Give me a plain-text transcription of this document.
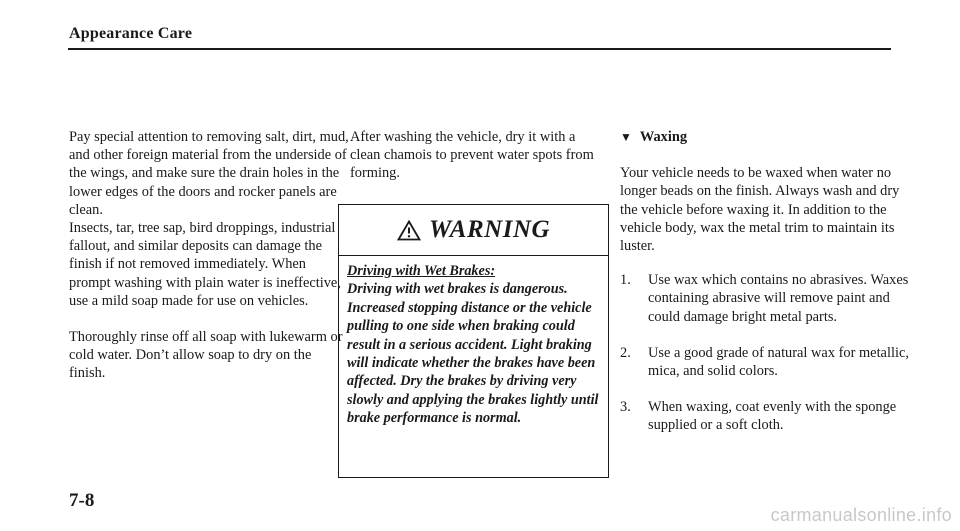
Appearance Care

Pay special attention to removing salt, dirt, mud, and other foreign material from the underside of the wings, and make sure the drain holes in the lower edges of the doors and rocker panels are clean.

Insects, tar, tree sap, bird droppings, industrial fallout, and similar deposits can damage the finish if not removed immediately. When prompt washing with plain water is ineffective, use a mild soap made for use on vehicles.

Thoroughly rinse off all soap with lukewarm or cold water. Don’t allow soap to dry on the finish.

After washing the vehicle, dry it with a clean chamois to prevent water spots from forming.

WARNING
Driving with Wet Brakes:
Driving with wet brakes is dangerous. Increased stopping distance or the vehicle pulling to one side when braking could result in a serious accident. Light braking will indicate whether the brakes have been affected. Dry the brakes by driving very slowly and applying the brakes lightly until brake performance is normal.
▼ Waxing

Your vehicle needs to be waxed when water no longer beads on the finish. Always wash and dry the vehicle before waxing it. In addition to the vehicle body, wax the metal trim to maintain its luster.

1.	Use wax which contains no abrasives. Waxes containing abrasive will remove paint and could damage bright metal parts.
2.	Use a good grade of natural wax for metallic, mica, and solid colors.
3.	When waxing, coat evenly with the sponge supplied or a soft cloth.
7-8
carmanualsonline.info
